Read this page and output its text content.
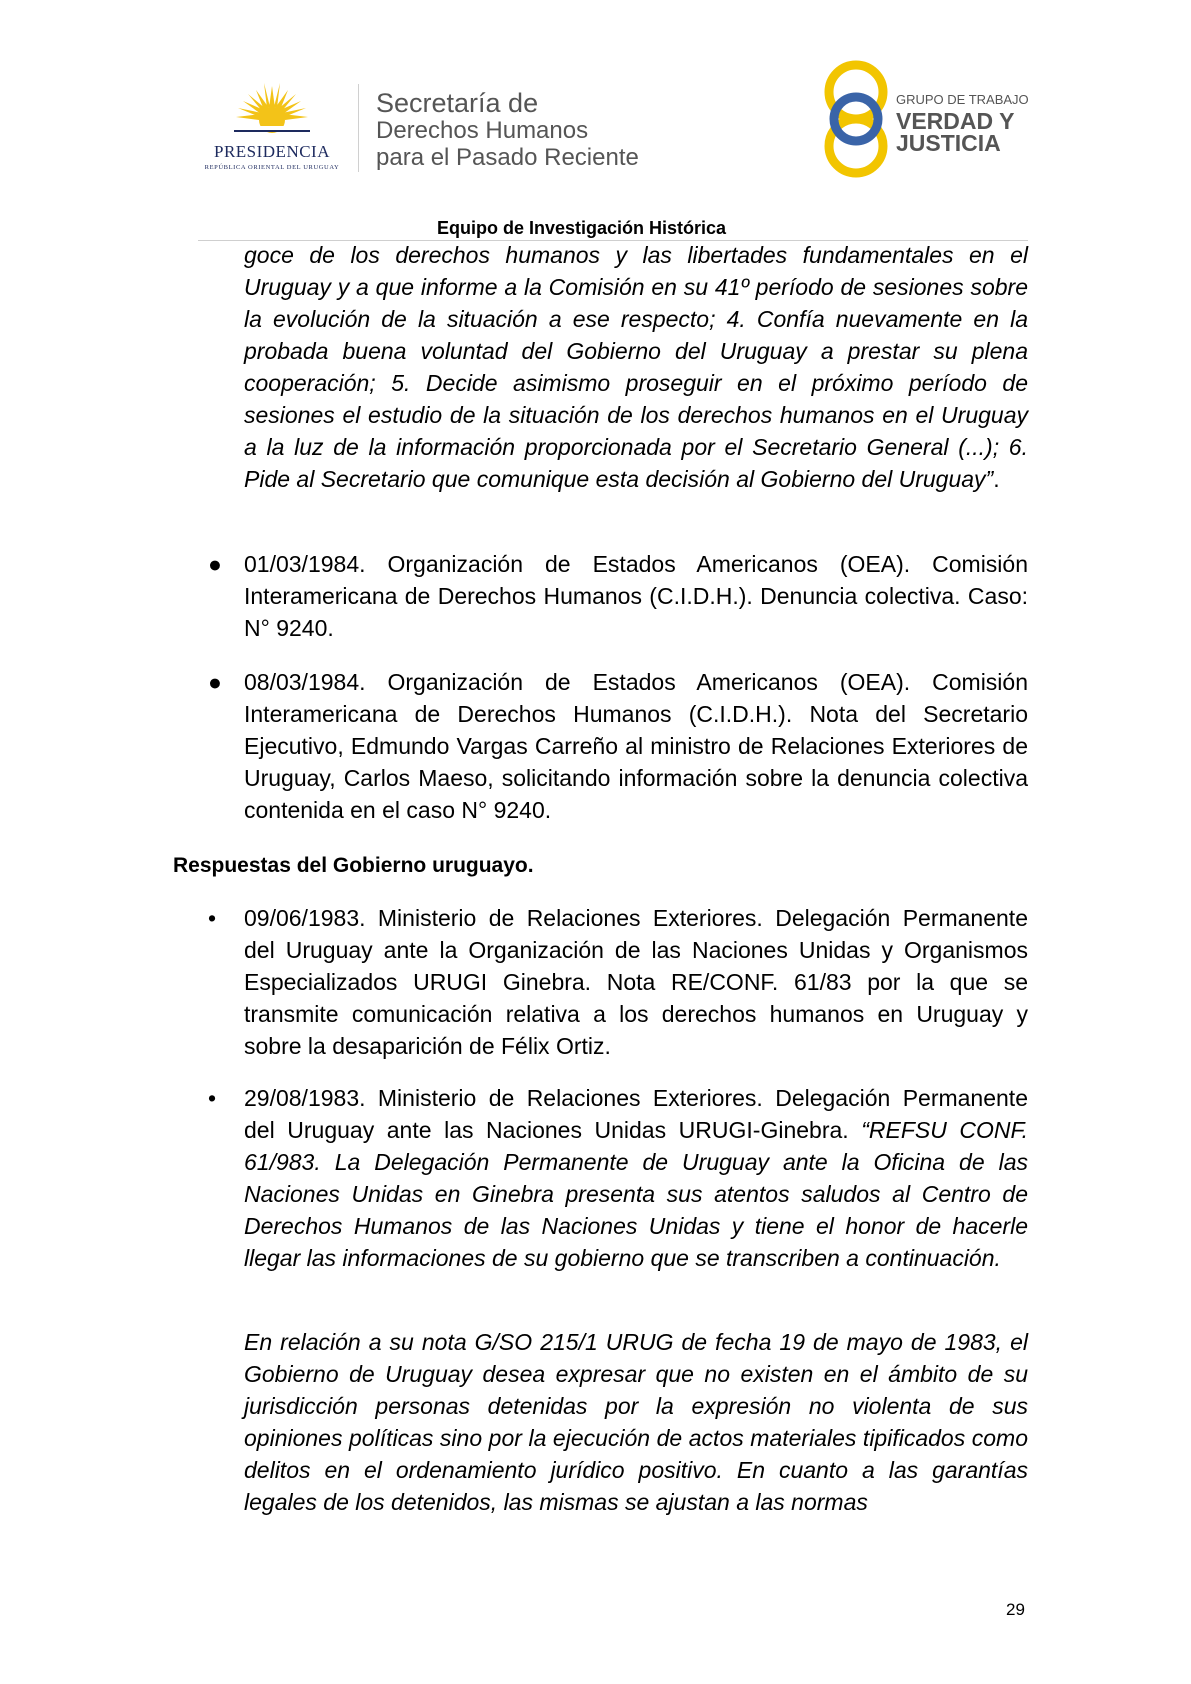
PRESIDENCIA
REPÚBLICA ORIENTAL DEL URUGUAY
Secretaría de
Derechos Humanos
para el Pasado Reciente
GRUPO DE TRABAJO
VERDAD Y
JUSTICIA
Equipo de Investigación Histórica
goce de los derechos humanos y las libertades fundamentales en el Uruguay y a que informe a la Comisión en su 41º período de sesiones sobre la evolución de la situación a ese respecto; 4. Confía nuevamente en la probada buena voluntad del Gobierno del Uruguay a prestar su plena cooperación; 5. Decide asimismo proseguir en el próximo período de sesiones el estudio de la situación de los derechos humanos en el Uruguay a la luz de la información proporcionada por el Secretario General (...); 6. Pide al Secretario que comunique esta decisión al Gobierno del Uruguay”.
● 01/03/1984. Organización de Estados Americanos (OEA). Comisión Interamericana de Derechos Humanos (C.I.D.H.). Denuncia colectiva. Caso: N° 9240.
● 08/03/1984. Organización de Estados Americanos (OEA). Comisión Interamericana de Derechos Humanos (C.I.D.H.). Nota del Secretario Ejecutivo, Edmundo Vargas Carreño al ministro de Relaciones Exteriores de Uruguay, Carlos Maeso, solicitando información sobre la denuncia colectiva contenida en el caso N° 9240.
Respuestas del Gobierno uruguayo.
• 09/06/1983. Ministerio de Relaciones Exteriores. Delegación Permanente del Uruguay ante la Organización de las Naciones Unidas y Organismos Especializados URUGI Ginebra. Nota RE/CONF. 61/83 por la que se transmite comunicación relativa a los derechos humanos en Uruguay y sobre la desaparición de Félix Ortiz.
• 29/08/1983. Ministerio de Relaciones Exteriores. Delegación Permanente del Uruguay ante las Naciones Unidas URUGI-Ginebra. “REFSU CONF. 61/983. La Delegación Permanente de Uruguay ante la Oficina de las Naciones Unidas en Ginebra presenta sus atentos saludos al Centro de Derechos Humanos de las Naciones Unidas y tiene el honor de hacerle llegar las informaciones de su gobierno que se transcriben a continuación.
En relación a su nota G/SO 215/1 URUG de fecha 19 de mayo de 1983, el Gobierno de Uruguay desea expresar que no existen en el ámbito de su jurisdicción personas detenidas por la expresión no violenta de sus opiniones políticas sino por la ejecución de actos materiales tipificados como delitos en el ordenamiento jurídico positivo. En cuanto a las garantías legales de los detenidos, las mismas se ajustan a las normas
29
